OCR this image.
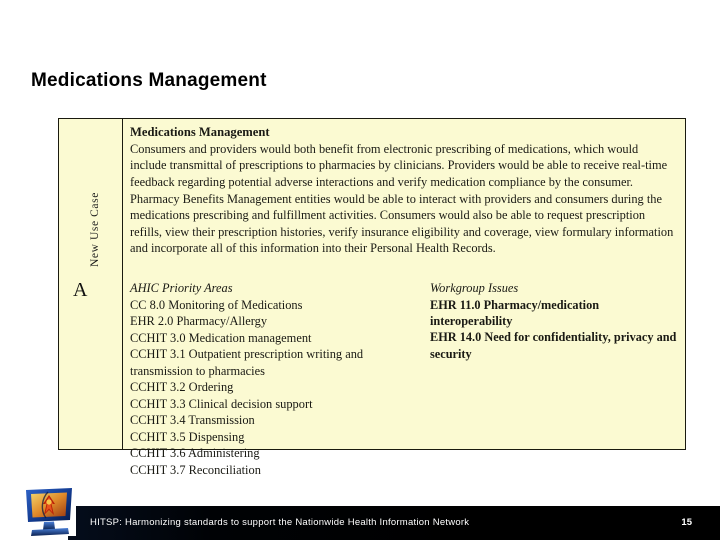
Medications Management
A
New Use Case
Medications Management
Consumers and providers would both benefit from electronic prescribing of medications, which would include transmittal of prescriptions to pharmacies by clinicians. Providers would be able to receive real-time feedback regarding potential adverse interactions and verify medication compliance by the consumer. Pharmacy Benefits Management entities would be able to interact with providers and consumers during the medications prescribing and fulfillment activities. Consumers would also be able to request prescription refills, view their prescription histories, verify insurance eligibility and coverage, view formulary information and incorporate all of this information into their Personal Health Records.
AHIC Priority Areas
CC 8.0 Monitoring of Medications
EHR 2.0 Pharmacy/Allergy
CCHIT 3.0 Medication management
CCHIT 3.1 Outpatient prescription writing and transmission to pharmacies
CCHIT 3.2 Ordering
CCHIT 3.3 Clinical decision support
CCHIT 3.4 Transmission
CCHIT 3.5 Dispensing
CCHIT 3.6 Administering
CCHIT 3.7 Reconciliation
Workgroup Issues
EHR 11.0 Pharmacy/medication interoperability
EHR 14.0 Need for confidentiality, privacy and security
HITSP: Harmonizing standards to support the Nationwide Health Information Network	15
